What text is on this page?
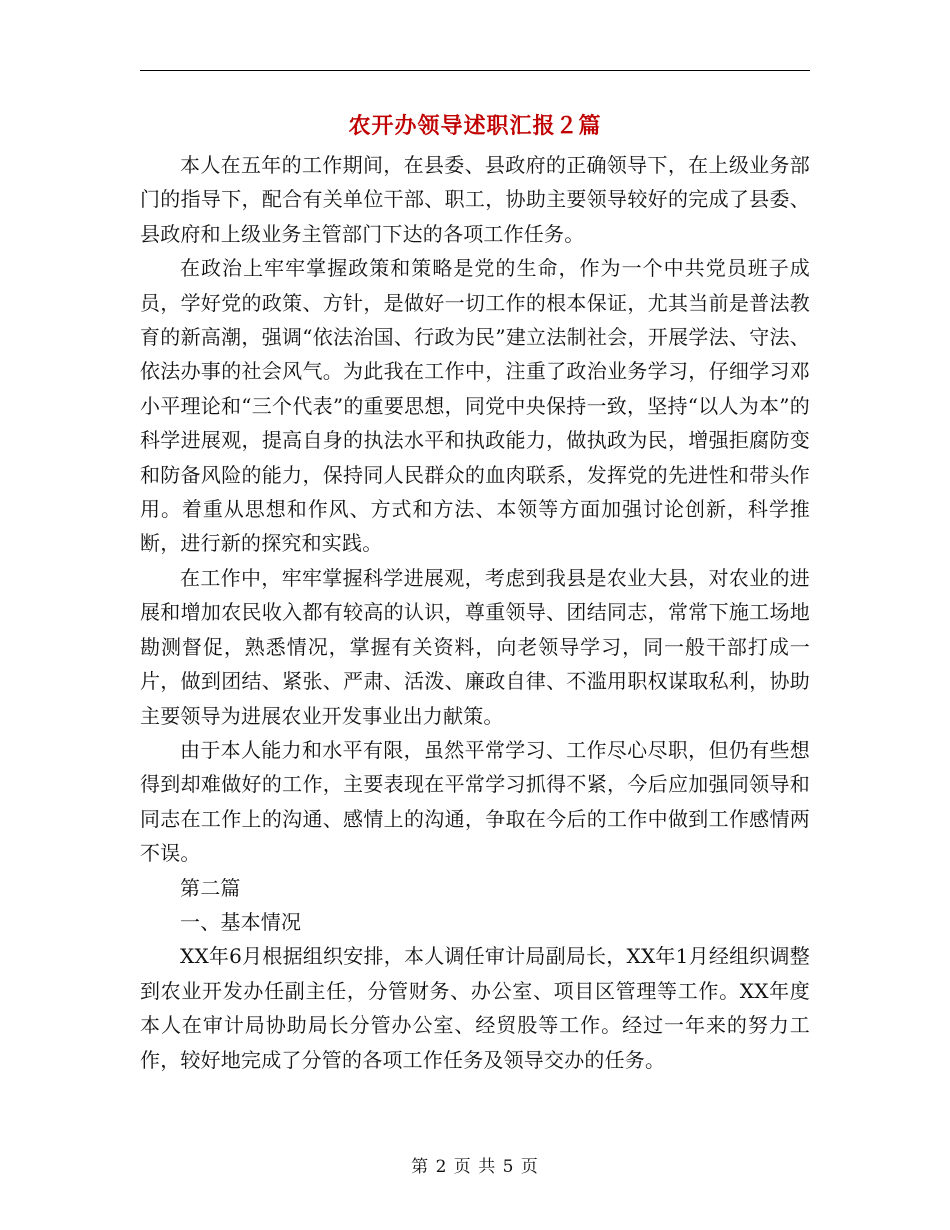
农开办领导述职汇报２篇

本人在五年的工作期间，在县委、县政府的正确领导下，在上级业务部门的指导下，配合有关单位干部、职工，协助主要领导较好的完成了县委、县政府和上级业务主管部门下达的各项工作任务。

在政治上牢牢掌握政策和策略是党的生命，作为一个中共党员班子成员，学好党的政策、方针，是做好一切工作的根本保证，尤其当前是普法教育的新高潮，强调“依法治国、行政为民”建立法制社会，开展学法、守法、依法办事的社会风气。为此我在工作中，注重了政治业务学习，仔细学习邓小平理论和“三个代表”的重要思想，同党中央保持一致，坚持“以人为本”的科学进展观，提高自身的执法水平和执政能力，做执政为民，增强拒腐防变和防备风险的能力，保持同人民群众的血肉联系，发挥党的先进性和带头作用。着重从思想和作风、方式和方法、本领等方面加强讨论创新，科学推断，进行新的探究和实践。

在工作中，牢牢掌握科学进展观，考虑到我县是农业大县，对农业的进展和增加农民收入都有较高的认识，尊重领导、团结同志，常常下施工场地勘测督促，熟悉情况，掌握有关资料，向老领导学习，同一般干部打成一片，做到团结、紧张、严肃、活泼、廉政自律、不滥用职权谋取私利，协助主要领导为进展农业开发事业出力献策。

由于本人能力和水平有限，虽然平常学习、工作尽心尽职，但仍有些想得到却难做好的工作，主要表现在平常学习抓得不紧，今后应加强同领导和同志在工作上的沟通、感情上的沟通，争取在今后的工作中做到工作感情两不误。

第二篇

一、基本情况

XX年6月根据组织安排，本人调任审计局副局长，XX年1月经组织调整到农业开发办任副主任，分管财务、办公室、项目区管理等工作。XX年度本人在审计局协助局长分管办公室、经贸股等工作。经过一年来的努力工作，较好地完成了分管的各项工作任务及领导交办的任务。

第 2 页 共 5 页
